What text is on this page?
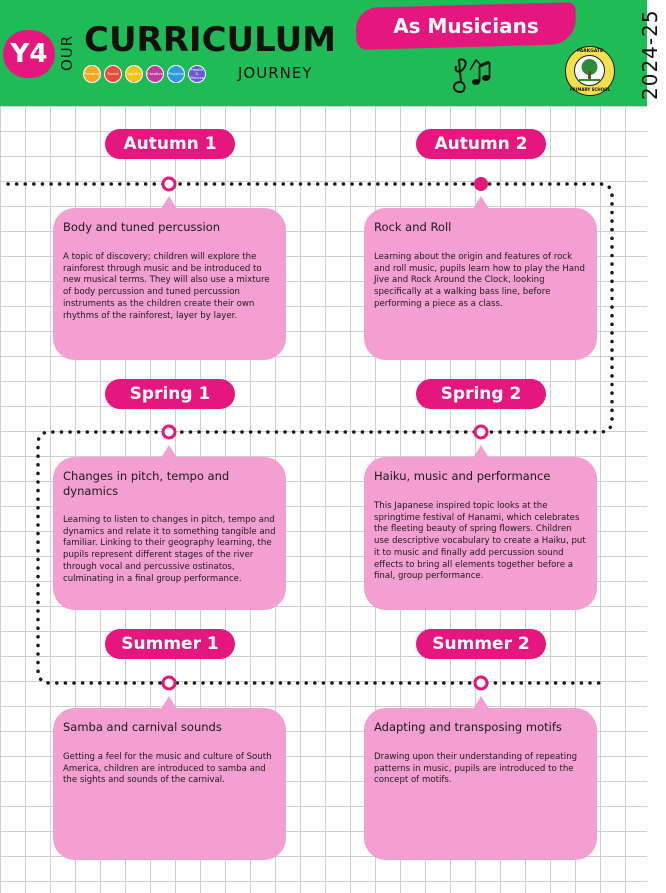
Y4 OUR CURRICULUM
Personal	Social	Cognitive Creative	Physical
Health & Fitness JOURNEY
As Musicians
PARKGATE
PRIMARY SCHOOL 2024-25
Autumn 1
Body and tuned percussion
A topic of discovery; children will explore the rainforest through music and be introduced to new musical terms. They will also use a mixture of body percussion and tuned percussion instruments as the children create their own rhythms of the rainforest, layer by layer.
Autumn 2
Rock and Roll
Learning about the origin and features of rock and roll music, pupils learn how to play the Hand Jive and Rock Around the Clock, looking specifically at a walking bass line, before performing a piece as a class.
Spring 1
Changes in pitch, tempo and dynamics
Learning to listen to changes in pitch, tempo and dynamics and relate it to something tangible and familiar. Linking to their geography learning, the pupils represent different stages of the river through vocal and percussive ostinatos, culminating in a final group performance.
Spring 2
Haiku, music and performance
This Japanese inspired topic looks at the springtime festival of Hanami, which celebrates the fleeting beauty of spring flowers. Children use descriptive vocabulary to create a Haiku, put it to music and finally add percussion sound effects to bring all elements together before a final, group performance.
Summer 1
Samba and carnival sounds
Getting a feel for the music and culture of South America, children are introduced to samba and the sights and sounds of the carnival.
Summer 2
Adapting and transposing motifs
Drawing upon their understanding of repeating patterns in music, pupils are introduced to the concept of motifs.
